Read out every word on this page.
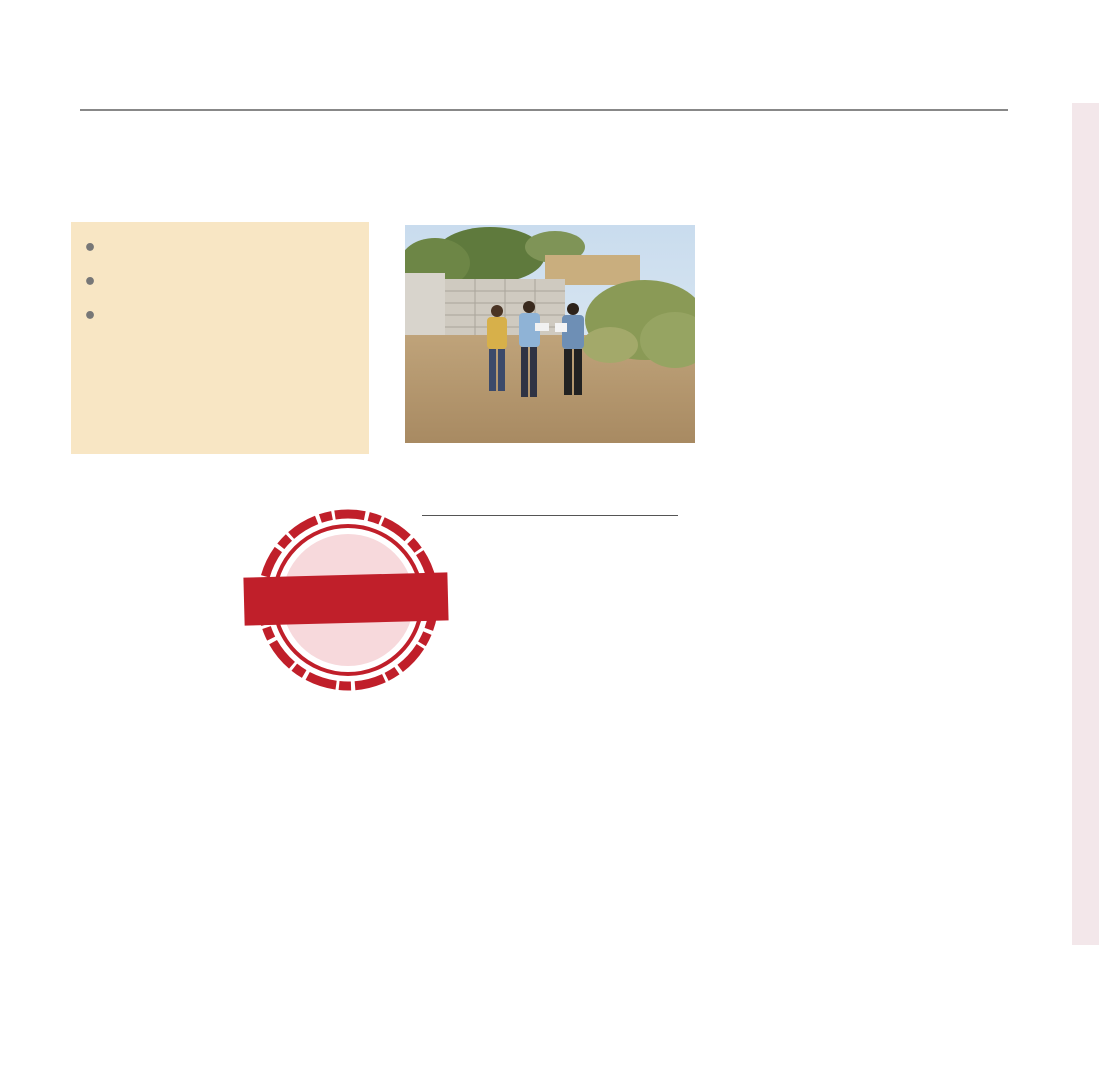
•
•
•
